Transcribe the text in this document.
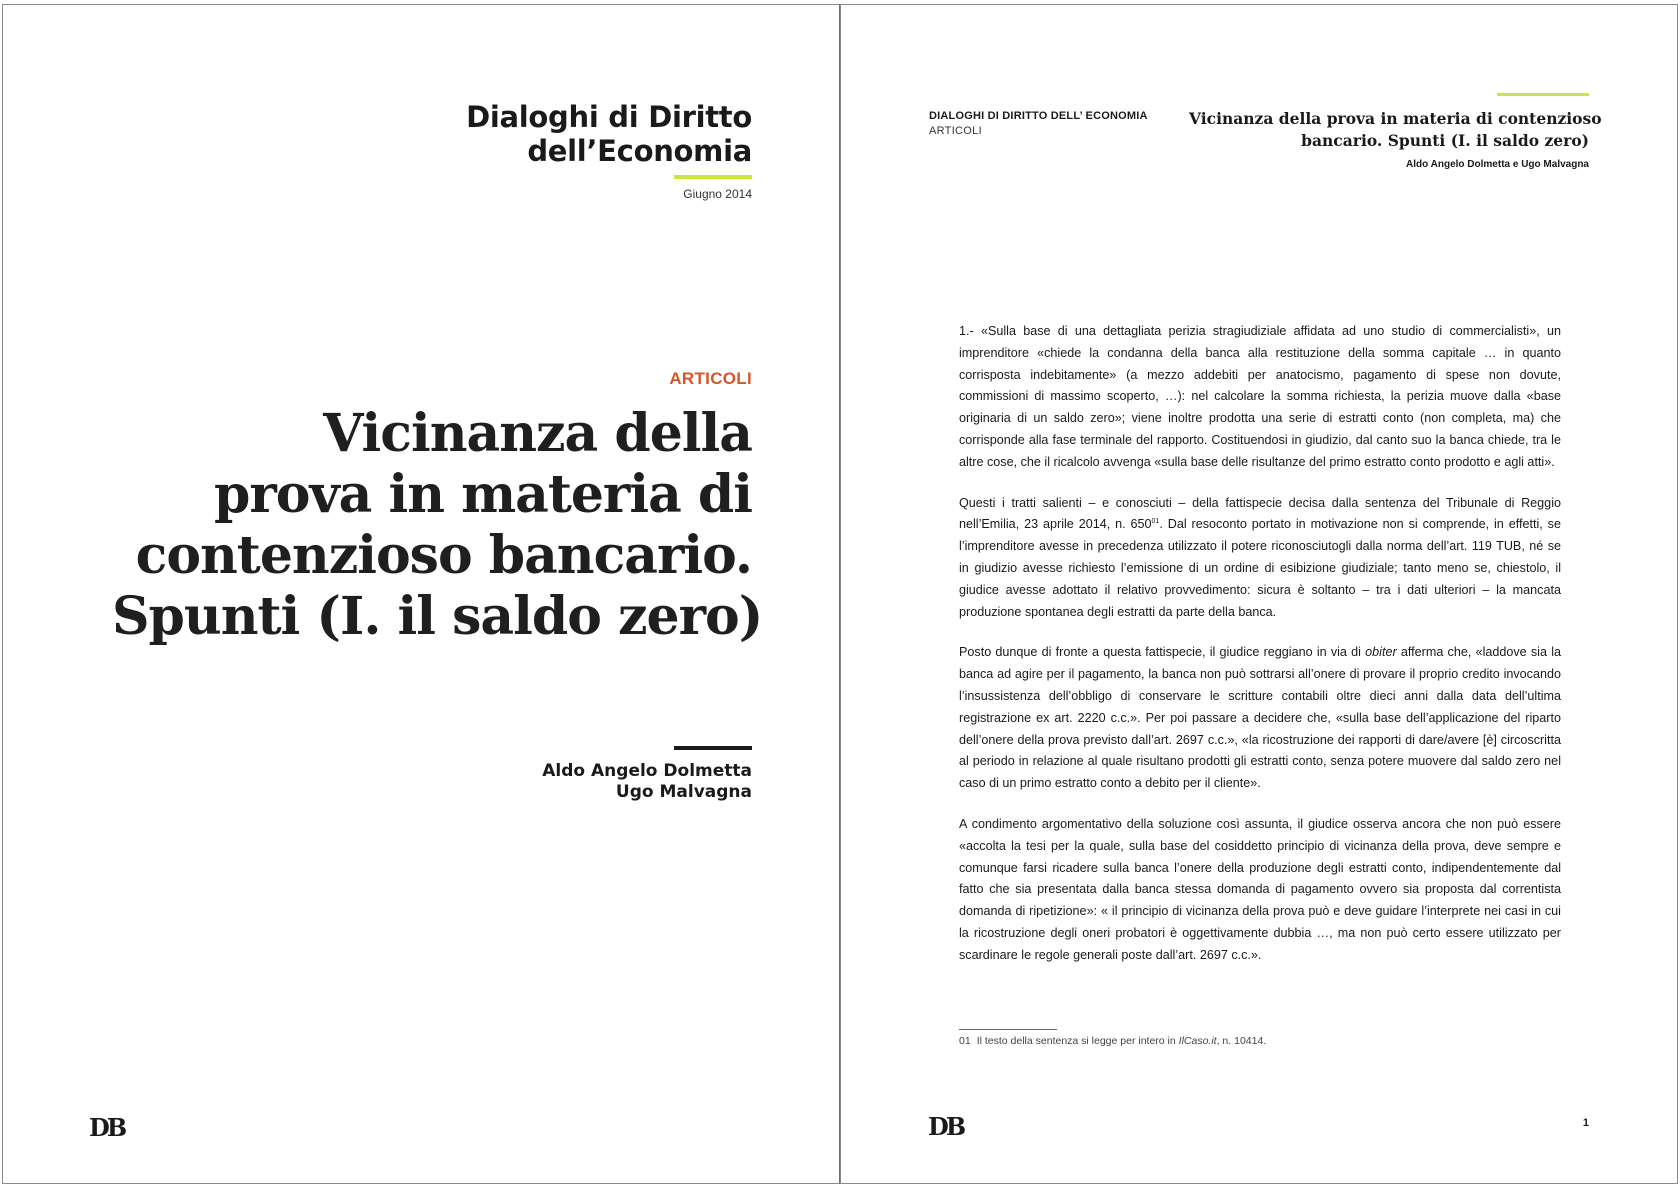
Dialoghi di Diritto
dell’Economia
Giugno 2014
ARTICOLI
Vicinanza della
prova in materia di
contenzioso bancario.
Spunti (I. il saldo zero)
Aldo Angelo Dolmetta
Ugo Malvagna
DB
DIALOGHI DI DIRITTO DELL’ ECONOMIA
ARTICOLI
Vicinanza della prova in materia di contenzioso
bancario. Spunti (I. il saldo zero)
Aldo Angelo Dolmetta e Ugo Malvagna

1.- «Sulla base di una dettagliata perizia stragiudiziale affidata ad uno studio di commercialisti», un imprenditore «chiede la condanna della banca alla restituzione della somma capitale … in quanto corrisposta indebitamente» (a mezzo addebiti per anatocismo, pagamento di spese non dovute, commissioni di massimo scoperto, …): nel calcolare la somma richiesta, la perizia muove dalla «base originaria di un saldo zero»; viene inoltre prodotta una serie di estratti conto (non completa, ma) che corrisponde alla fase terminale del rapporto. Costituendosi in giudizio, dal canto suo la banca chiede, tra le altre cose, che il ricalcolo avvenga «sulla base delle risultanze del primo estratto conto prodotto e agli atti».

Questi i tratti salienti – e conosciuti – della fattispecie decisa dalla sentenza del Tribunale di Reggio nell’Emilia, 23 aprile 2014, n. $650^{01}$. Dal resoconto portato in motivazione non si comprende, in effetti, se l’imprenditore avesse in precedenza utilizzato il potere riconosciutogli dalla norma dell’art. 119 TUB, né se in giudizio avesse richiesto l’emissione di un ordine di esibizione giudiziale; tanto meno se, chiestolo, il giudice avesse adottato il relativo provvedimento: sicura è soltanto – tra i dati ulteriori – la mancata produzione spontanea degli estratti da parte della banca.

Posto dunque di fronte a questa fattispecie, il giudice reggiano in via di obiter afferma che, «laddove sia la banca ad agire per il pagamento, la banca non può sottrarsi all’onere di provare il proprio credito invocando l’insussistenza dell’obbligo di conservare le scritture contabili oltre dieci anni dalla data dell’ultima registrazione ex art. 2220 c.c.». Per poi passare a decidere che, «sulla base dell’applicazione del riparto dell’onere della prova previsto dall’art. 2697 c.c.», «la ricostruzione dei rapporti di dare/avere [è] circoscritta al periodo in relazione al quale risultano prodotti gli estratti conto, senza potere muovere dal saldo zero nel caso di un primo estratto conto a debito per il cliente».

A condimento argomentativo della soluzione così assunta, il giudice osserva ancora che non può essere «accolta la tesi per la quale, sulla base del cosiddetto principio di vicinanza della prova, deve sempre e comunque farsi ricadere sulla banca l’onere della produzione degli estratti conto, indipendentemente dal fatto che sia presentata dalla banca stessa domanda di pagamento ovvero sia proposta dal correntista domanda di ripetizione»: « il principio di vicinanza della prova può e deve guidare l’interprete nei casi in cui la ricostruzione degli oneri probatori è oggettivamente dubbia …, ma non può certo essere utilizzato per scardinare le regole generali poste dall’art. 2697 c.c.».

01 Il testo della sentenza si legge per intero in IlCaso.it, n. 10414.
DB	1
